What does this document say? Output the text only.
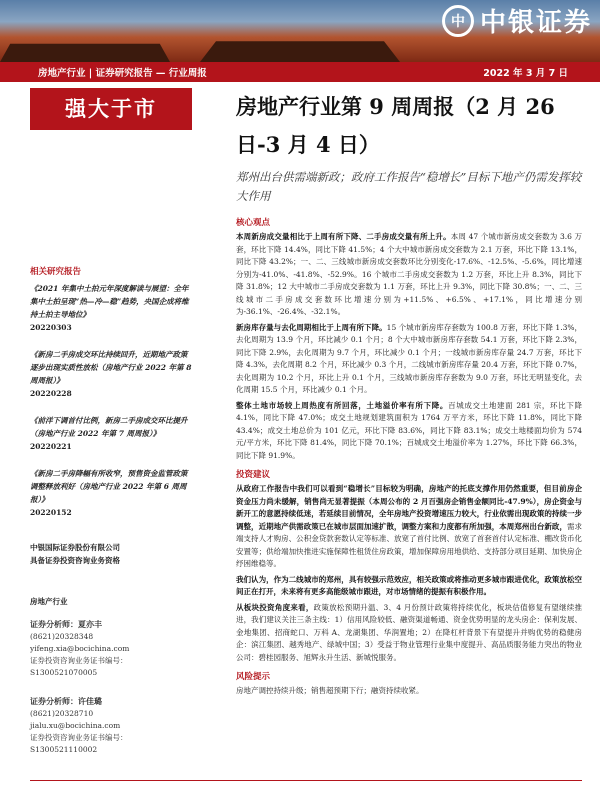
中 中银证券
房地产行业 | 证券研究报告 — 行业周报	2022 年 3 月 7 日
强大于市
相关研究报告
《2021 年集中土拍元年深度解读与展望：全年集中土拍呈现“热—冷—稳”趋势，央国企成将维持土拍主导地位》
20220303
《新房二手房成交环比持续回升，近期地产政策逐步出现实质性放松（房地产行业 2022 年第 8 周周报）》
20220228
《前洋下调首付比例，新房二手房成交环比提升（房地产行业 2022 年第 7 周周报）》
20220221
《新房二手房降幅有所收窄，预售资金监管政策调整释放利好（房地产行业 2022 年第 6 周周报）》
20220152
中银国际证券股份有限公司
具备证券投资咨询业务资格
房地产行业
证券分析师：夏亦丰
(8621)20328348
yifeng.xia@bocichina.com
证券投资咨询业务证书编号：S1300521070005
证券分析师：许佳璐
(8621)20328710
jialu.xu@bocichina.com
证券投资咨询业务证书编号：S1300521110002
房地产行业第 9 周周报（2 月 26 日-3 月 4 日）
郑州出台供需端新政；政府工作报告“稳增长”目标下地产仍需发挥较大作用
核心观点
本周新房成交量相比于上周有所下降、二手房成交量有所上升。本周 47 个城市新房成交套数为 3.6 万套，环比下降 14.4%，同比下降 41.5%；4 个大中城市新房成交套数为 2.1 万套，环比下降 13.1%，同比下降 43.2%；一、二、三线城市新房成交套数环比分别变化-17.6%、-12.5%、-5.6%，同比增速分别为-41.0%、-41.8%、-52.9%。16 个城市二手房成交套数为 1.2 万套，环比上升 8.3%，同比下降 31.8%；12 大中城市二手房成交套数为 1.1 万套，环比上升 9.3%，同比下降 30.8%；一、二、三线城市二手房成交套数环比增速分别为+11.5%、+6.5%、+17.1%，同比增速分别为-36.1%、-26.4%、-32.1%。
新房库存量与去化周期相比于上周有所下降。15 个城市新房库存套数为 100.8 万套，环比下降 1.3%，去化周期为 13.9 个月，环比减少 0.1 个月；8 个大中城市新房库存套数 54.1 万套，环比下降 2.3%，同比下降 2.9%，去化周期为 9.7 个月，环比减少 0.1 个月；一线城市新房库存量 24.7 万套，环比下降 4.3%，去化周期 8.2 个月，环比减少 0.3 个月，二线城市新房库存量 20.4 万套，环比下降 0.7%，去化周期为 10.2 个月，环比上升 0.1 个月，三线城市新房库存套数为 9.0 万套，环比无明显变化，去化周期 15.5 个月，环比减少 0.1 个月。
整体土地市场较上周热度有所回落，土地溢价率有所下降。百城成交土地建面 281 宗，环比下降 4.1%，同比下降 47.0%；成交土地规划建筑面积为 1764 万平方米，环比下降 11.8%，同比下降 43.4%；成交土地总价为 101 亿元，环比下降 83.6%，同比下降 83.1%；成交土地楼面均价为 574 元/平方米，环比下降 81.4%，同比下降 70.1%；百城成交土地溢价率为 1.27%，环比下降 66.3%，同比下降 91.9%。
投资建议
从政府工作报告中我们可以看到“稳增长”目标较为明确，房地产的托底支撑作用仍然重要，但目前房企资金压力尚未缓解，销售尚无显著提振（本周公布的 2 月百强房企销售金额同比-47.9%），房企资金与新开工的意愿持续低迷，若延续目前情况，全年房地产投资增速压力较大，行业依需出现政策的持续一步调整，近期地产供需政策已在城市层面加速扩散，调整方案和力度都有所加强，本周郑州出台新政，需求端支持人才购房、公积金贷款套数认定等标准、放宽了首付比例、放宽了首套首付认定标准、棚改货币化安置等；供给端加快推进实施保障性租赁住房政策，增加保障房用地供给、支持部分项目延期、加快房企纾困维稳等。
我们认为，作为二线城市的郑州，具有较强示范效应，相关政策或将推动更多城市跟进优化，政策放松空间正在打开，未来将有更多高能级城市跟进，对市场情绪的提振有积极作用。
从板块投资角度来看，政策放松预期升温、3、4 月份预计政策将持续优化，板块估值修复有望继续推进，我们建议关注三条主线：1）信用风险较低、融资渠道畅通、资金优势明显的龙头房企：保利发展、金地集团、招商蛇口、万科 A、龙湖集团、华润置地；2）在降杠杆背景下有望提升并购优势的稳健房企：滨江集团、越秀地产、绿城中国；3）受益于物业管理行业集中度提升、高品质服务能力突出的物业公司：碧桂园服务、旭辉永升生活、新城悦服务。
风险提示
房地产调控持续升级；销售超预期下行；融资持续收紧。
